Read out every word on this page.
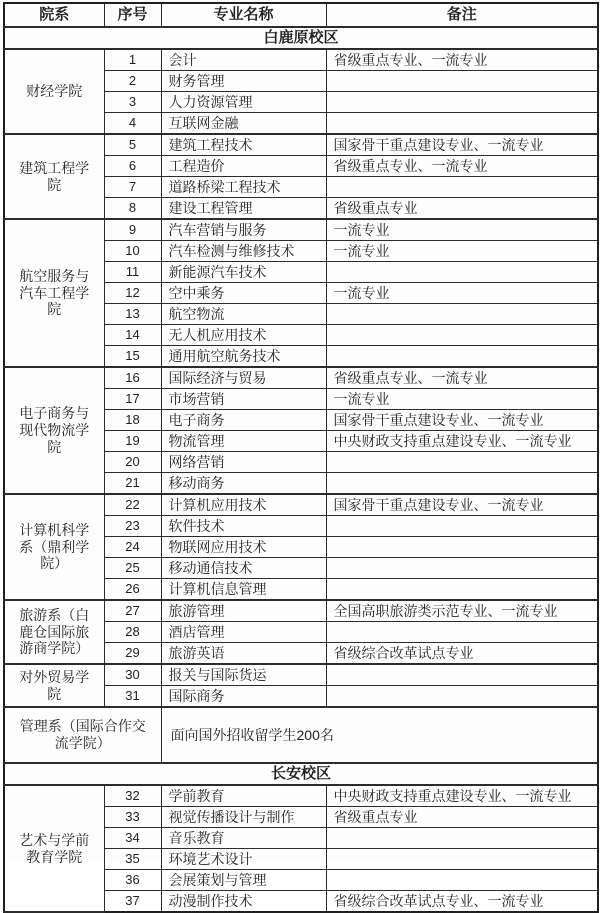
院系	序号	专业名称	备注
白鹿原校区			
财经学院	1	会计	省级重点专业、一流专业
	2	财务管理	
	3	人力资源管理	
	4	互联网金融	
建筑工程学院	5	建筑工程技术	国家骨干重点建设专业、一流专业
	6	工程造价	省级重点专业、一流专业
	7	道路桥梁工程技术	
	8	建设工程管理	省级重点专业
航空服务与汽车工程学院	9	汽车营销与服务	一流专业
	10	汽车检测与维修技术	一流专业
	11	新能源汽车技术	
	12	空中乘务	一流专业
	13	航空物流	
	14	无人机应用技术	
	15	通用航空航务技术	
电子商务与现代物流学院	16	国际经济与贸易	省级重点专业、一流专业
	17	市场营销	一流专业
	18	电子商务	国家骨干重点建设专业、一流专业
	19	物流管理	中央财政支持重点建设专业、一流专业
	20	网络营销	
	21	移动商务	
计算机科学系（鼎利学院）	22	计算机应用技术	国家骨干重点建设专业、一流专业
	23	软件技术	
	24	物联网应用技术	
	25	移动通信技术	
	26	计算机信息管理	
旅游系（白鹿仓国际旅游商学院）	27	旅游管理	全国高职旅游类示范专业、一流专业
	28	酒店管理	
	29	旅游英语	省级综合改革试点专业
对外贸易学院	30	报关与国际货运	
	31	国际商务	
管理系（国际合作交流学院）		面向国外招收留学生200名	
长安校区			
艺术与学前教育学院	32	学前教育	中央财政支持重点建设专业、一流专业
	33	视觉传播设计与制作	省级重点专业
	34	音乐教育	
	35	环境艺术设计	
	36	会展策划与管理	
	37	动漫制作技术	省级综合改革试点专业、一流专业
